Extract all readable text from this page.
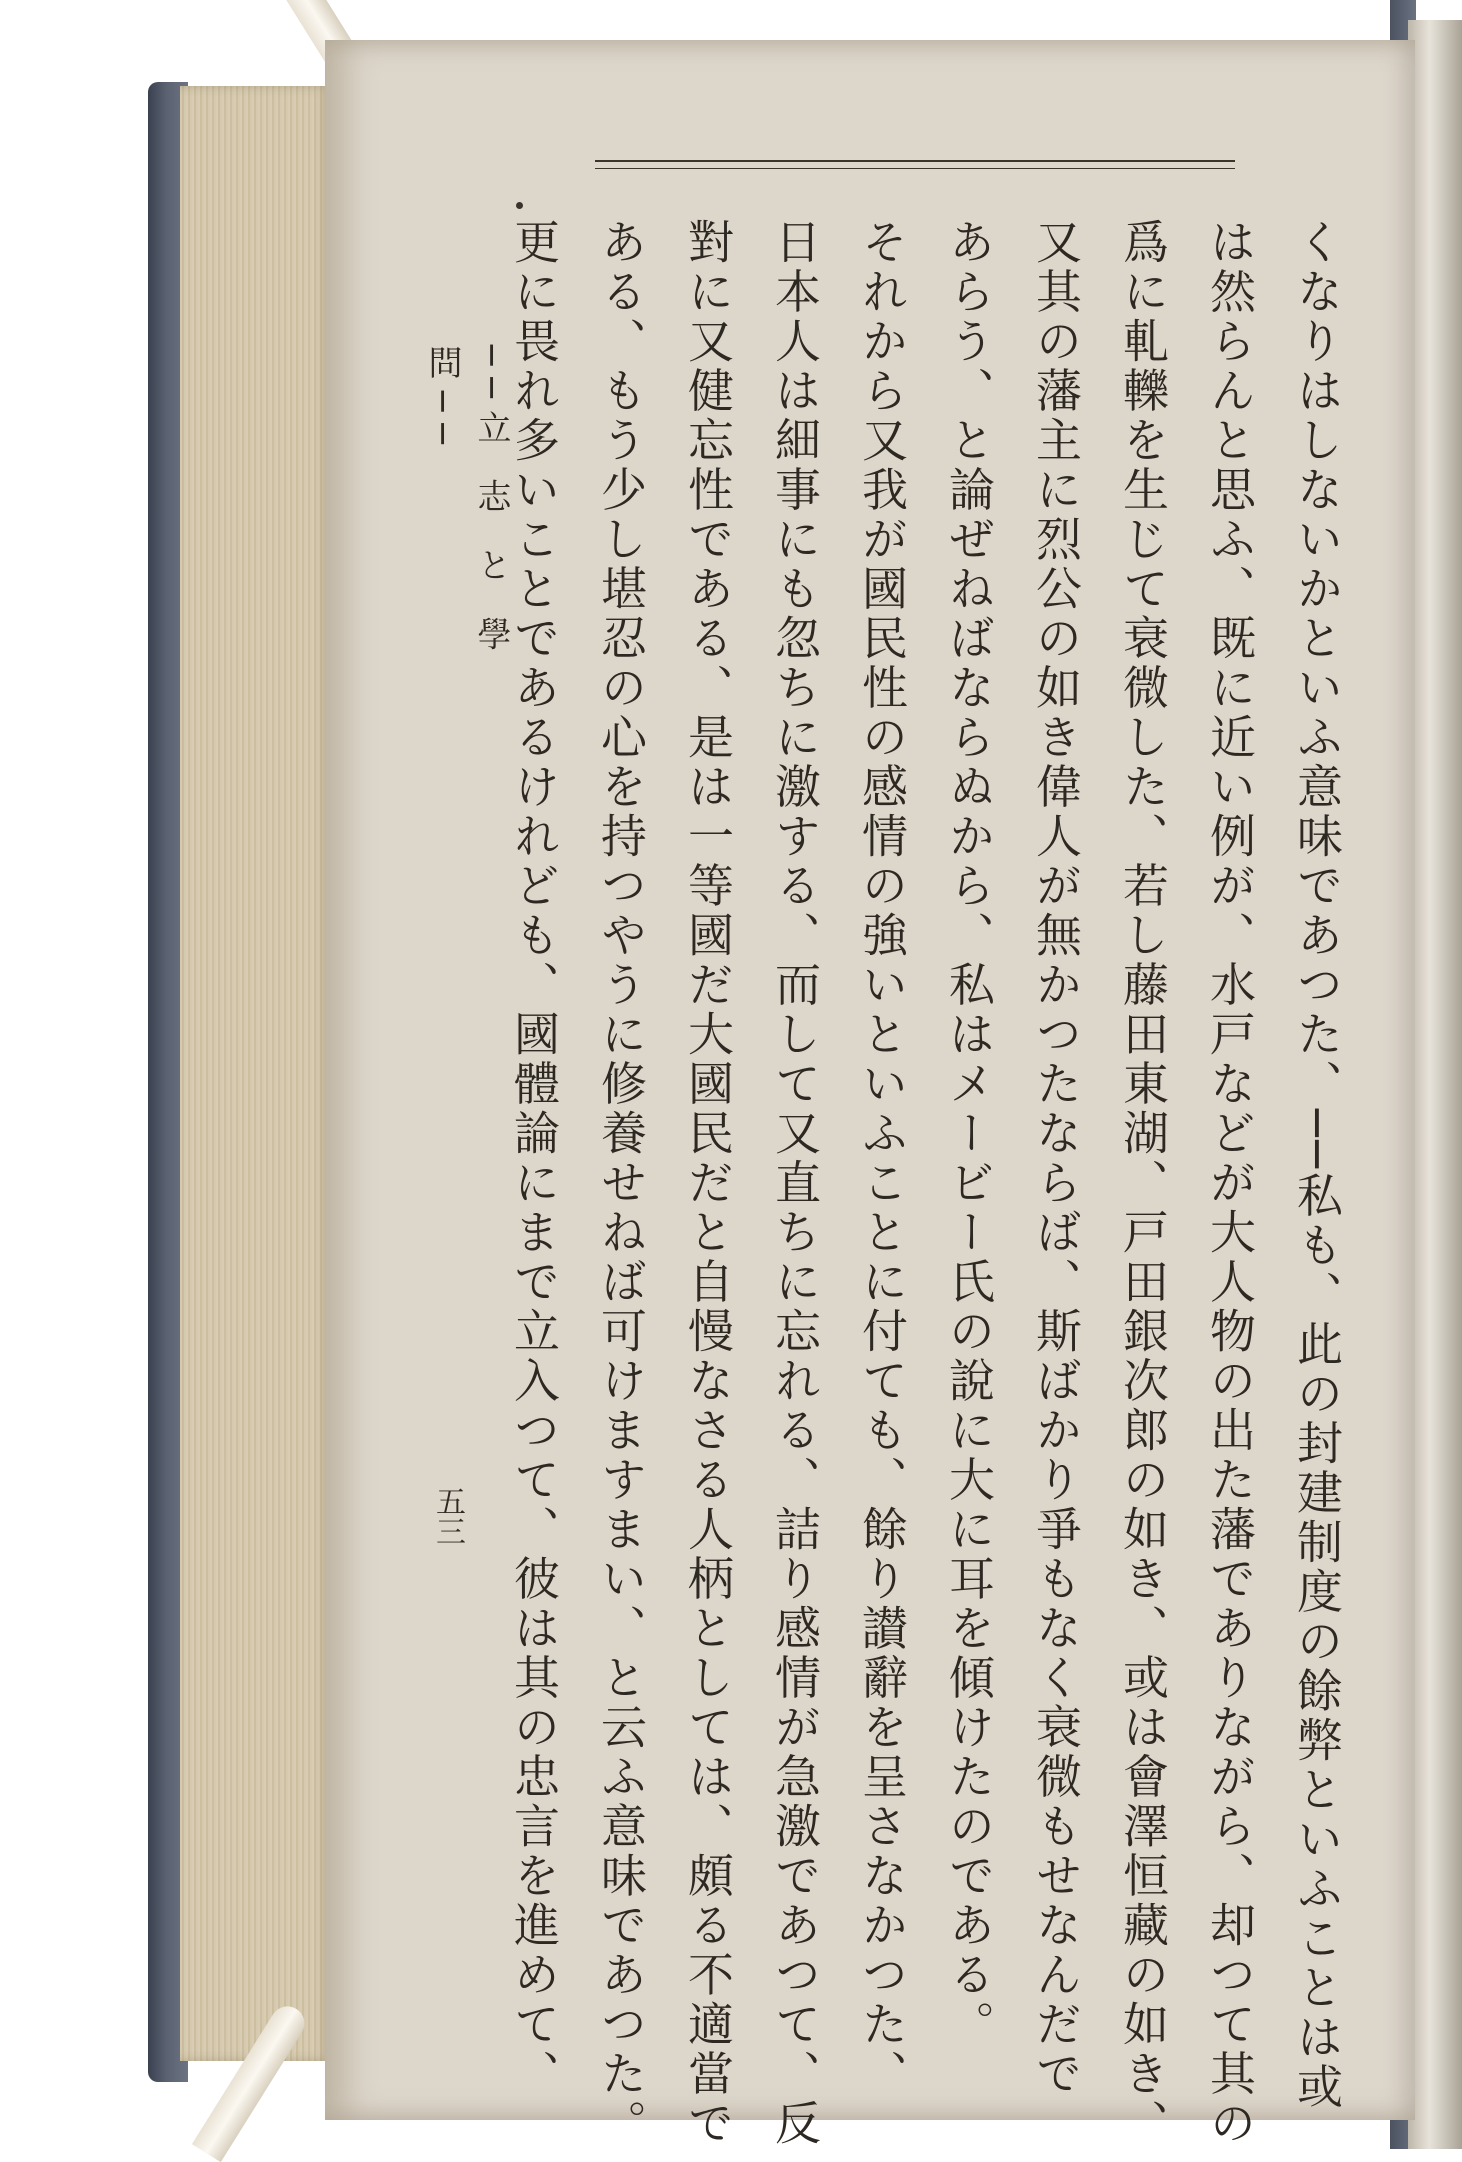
くなりはしないかといふ意味であつた、──私も、此の封建制度の餘弊といふことは或
は然らんと思ふ、既に近い例が、水戸などが大人物の出た藩でありながら、却つて其の
爲に軋轢を生じて衰微した、若し藤田東湖、戸田銀次郎の如き、或は會澤恒藏の如き、
又其の藩主に烈公の如き偉人が無かつたならば、斯ばかり爭もなく衰微もせなんだで
あらう、と論ぜねばならぬから、私はメービー氏の說に大に耳を傾けたのである。
それから又我が國民性の感情の強いといふことに付ても、餘り讃辭を呈さなかつた、
日本人は細事にも忽ちに激する、而して又直ちに忘れる、詰り感情が急激であつて、反
對に又健忘性である、是は一等國だ大國民だと自慢なさる人柄としては、頗る不適當で
ある、もう少し堪忍の心を持つやうに修養せねば可けますまい、と云ふ意味であつた。
更に畏れ多いことであるけれども、國體論にまで立入つて、彼は其の忠言を進めて、
──立 志 と 學 問──
五三
